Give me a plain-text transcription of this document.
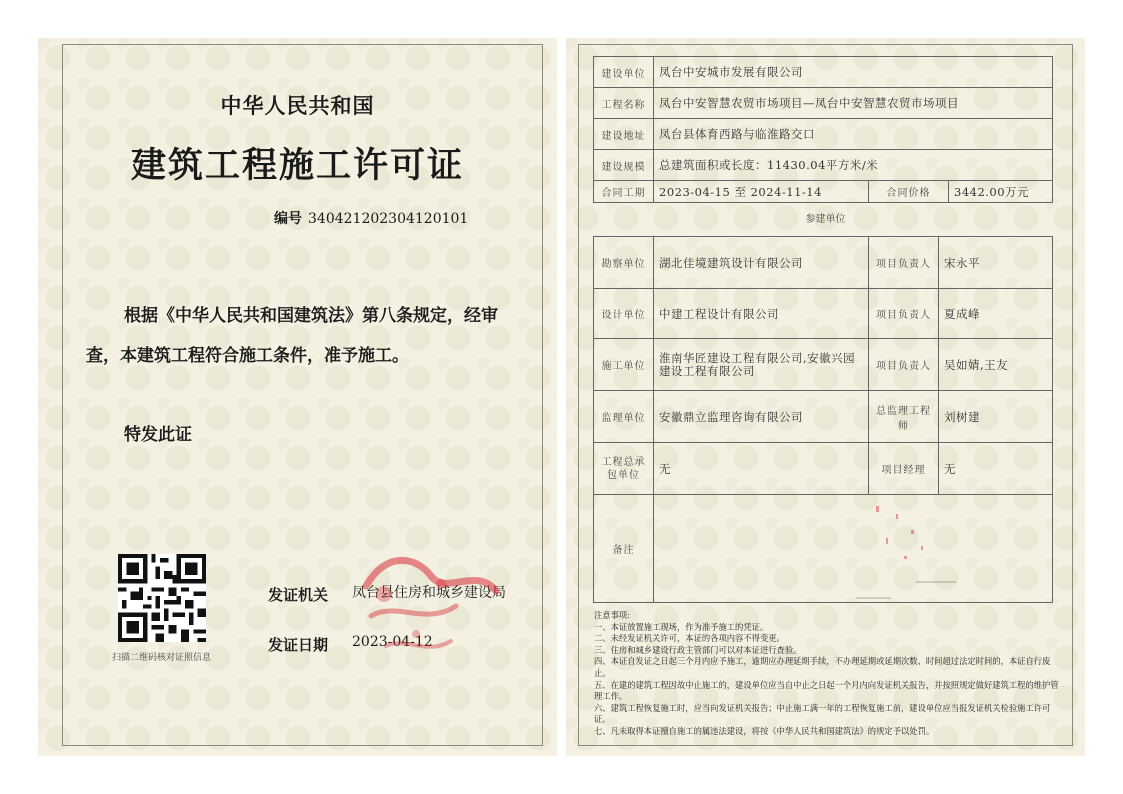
中华人民共和国
建筑工程施工许可证
编号 340421202304120101
根据《中华人民共和国建筑法》第八条规定，经审查，本建筑工程符合施工条件，准予施工。
特发此证
扫描二维码核对证照信息
发证机关 凤台县住房和城乡建设局
发证日期 2023-04-12
建设单位	凤台中安城市发展有限公司		
工程名称	凤台中安智慧农贸市场项目—凤台中安智慧农贸市场项目		
建设地址	凤台县体育西路与临淮路交口		
建设规模	总建筑面积或长度：11430.04平方米/米		
合同工期	2023-04-15 至 2024-11-14	合同价格	3442.00万元
参建单位
勘察单位	湖北佳境建筑设计有限公司	项目负责人	宋永平
设计单位	中建工程设计有限公司	项目负责人	夏成峰
施工单位	淮南华匠建设工程有限公司,安徽兴园建设工程有限公司	项目负责人	吴如婧,王友
监理单位	安徽鼎立监理咨询有限公司	总监理工程师	刘树建
工程总承包单位	无	项目经理	无
备注			
注意事项:
一、本证放置施工现场，作为准予施工的凭证。
二、未经发证机关许可，本证的各项内容不得变更。
三、住房和城乡建设行政主管部门可以对本证进行查验。
四、本证自发证之日起三个月内应予施工，逾期应办理延期手续，不办理延期或延期次数、时间超过法定时间的，本证自行废止。
五、在建的建筑工程因故中止施工的，建设单位应当自中止之日起一个月内向发证机关报告，并按照规定做好建筑工程的维护管理工作。
六、建筑工程恢复施工时，应当向发证机关报告；中止施工满一年的工程恢复施工前，建设单位应当报发证机关检验施工许可证。
七、凡未取得本证擅自施工的属违法建设，将按《中华人民共和国建筑法》的规定予以处罚。
